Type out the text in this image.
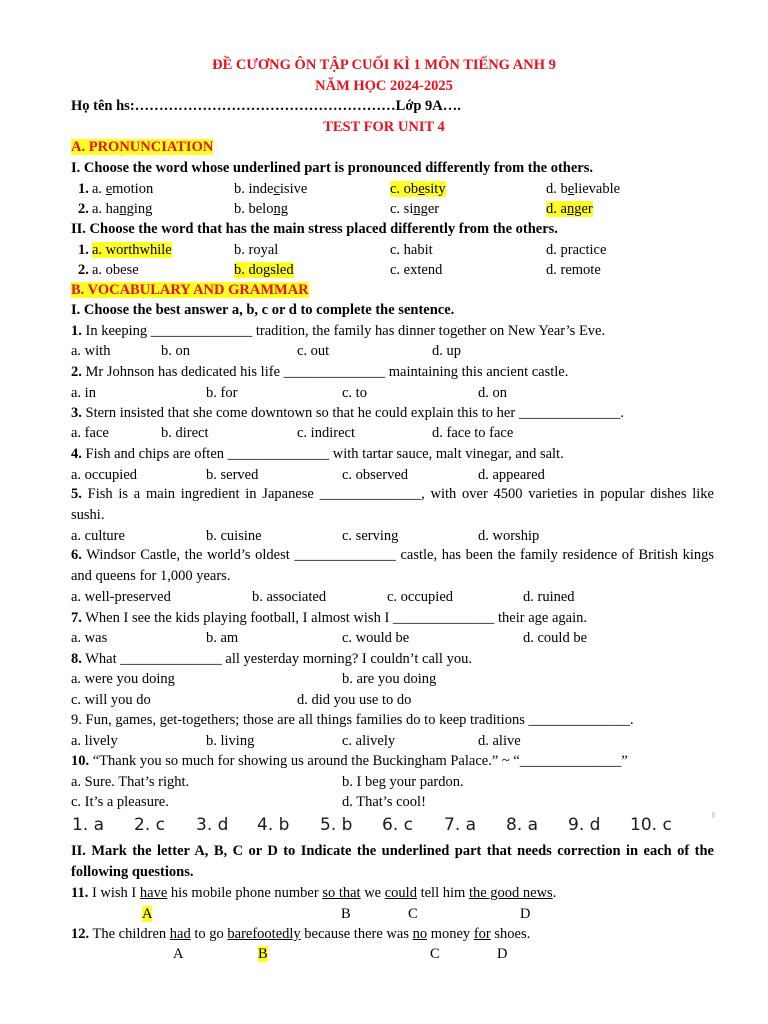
ĐỀ CƯƠNG ÔN TẬP CUỐI KÌ 1 MÔN TIẾNG ANH 9
NĂM HỌC 2024-2025
Họ tên hs:………………………………………………Lớp 9A….
TEST FOR UNIT 4
A. PRONUNCIATION
I. Choose the word whose underlined part is pronounced differently from the others.
1. a. emotion	b. indecisive	c. obesity	d. believable
2. a. hanging	b. belong	c. singer	d. anger
II. Choose the word that has the main stress placed differently from the others.
1. a. worthwhile	b. royal	c. habit	d. practice
2. a. obese	b. dogsled	c. extend	d. remote
B. VOCABULARY AND GRAMMAR
I. Choose the best answer a, b, c or d to complete the sentence.
1. In keeping ______________ tradition, the family has dinner together on New Year’s Eve.
a. with	b. on	c. out	d. up
2. Mr Johnson has dedicated his life ______________ maintaining this ancient castle.
a. in	b. for	c. to	d. on
3. Stern insisted that she come downtown so that he could explain this to her ______________.
a. face	b. direct	c. indirect	d. face to face
4. Fish and chips are often ______________ with tartar sauce, malt vinegar, and salt.
a. occupied	b. served	c. observed	d. appeared
5. Fish is a main ingredient in Japanese ______________, with over 4500 varieties in popular dishes like sushi.
a. culture	b. cuisine	c. serving	d. worship
6. Windsor Castle, the world’s oldest ______________ castle, has been the family residence of British kings and queens for 1,000 years.
a. well-preserved	b. associated	c. occupied	d. ruined
7. When I see the kids playing football, I almost wish I ______________ their age again.
a. was	b. am	c. would be	d. could be
8. What ______________ all yesterday morning? I couldn’t call you.
a. were you doing	b. are you doing
c. will you do	d. did you use to do
9. Fun, games, get-togethers; those are all things families do to keep traditions ______________.
a. lively	b. living	c. alively	d. alive
10. “Thank you so much for showing us around the Buckingham Palace.” ~ “______________”
a. Sure. That’s right.	b. I beg your pardon.
c. It’s a pleasure.	d. That’s cool!
1. a 2. c 3. d 4. b 5. b 6. c 7. a 8. a 9. d 10. c
II. Mark the letter A, B, C or D to Indicate the underlined part that needs correction in each of the following questions.
11. I wish I have his mobile phone number so that we could tell him the good news.
A	B	C	D
12. The children had to go barefootedly because there was no money for shoes.
A	B	C	D
